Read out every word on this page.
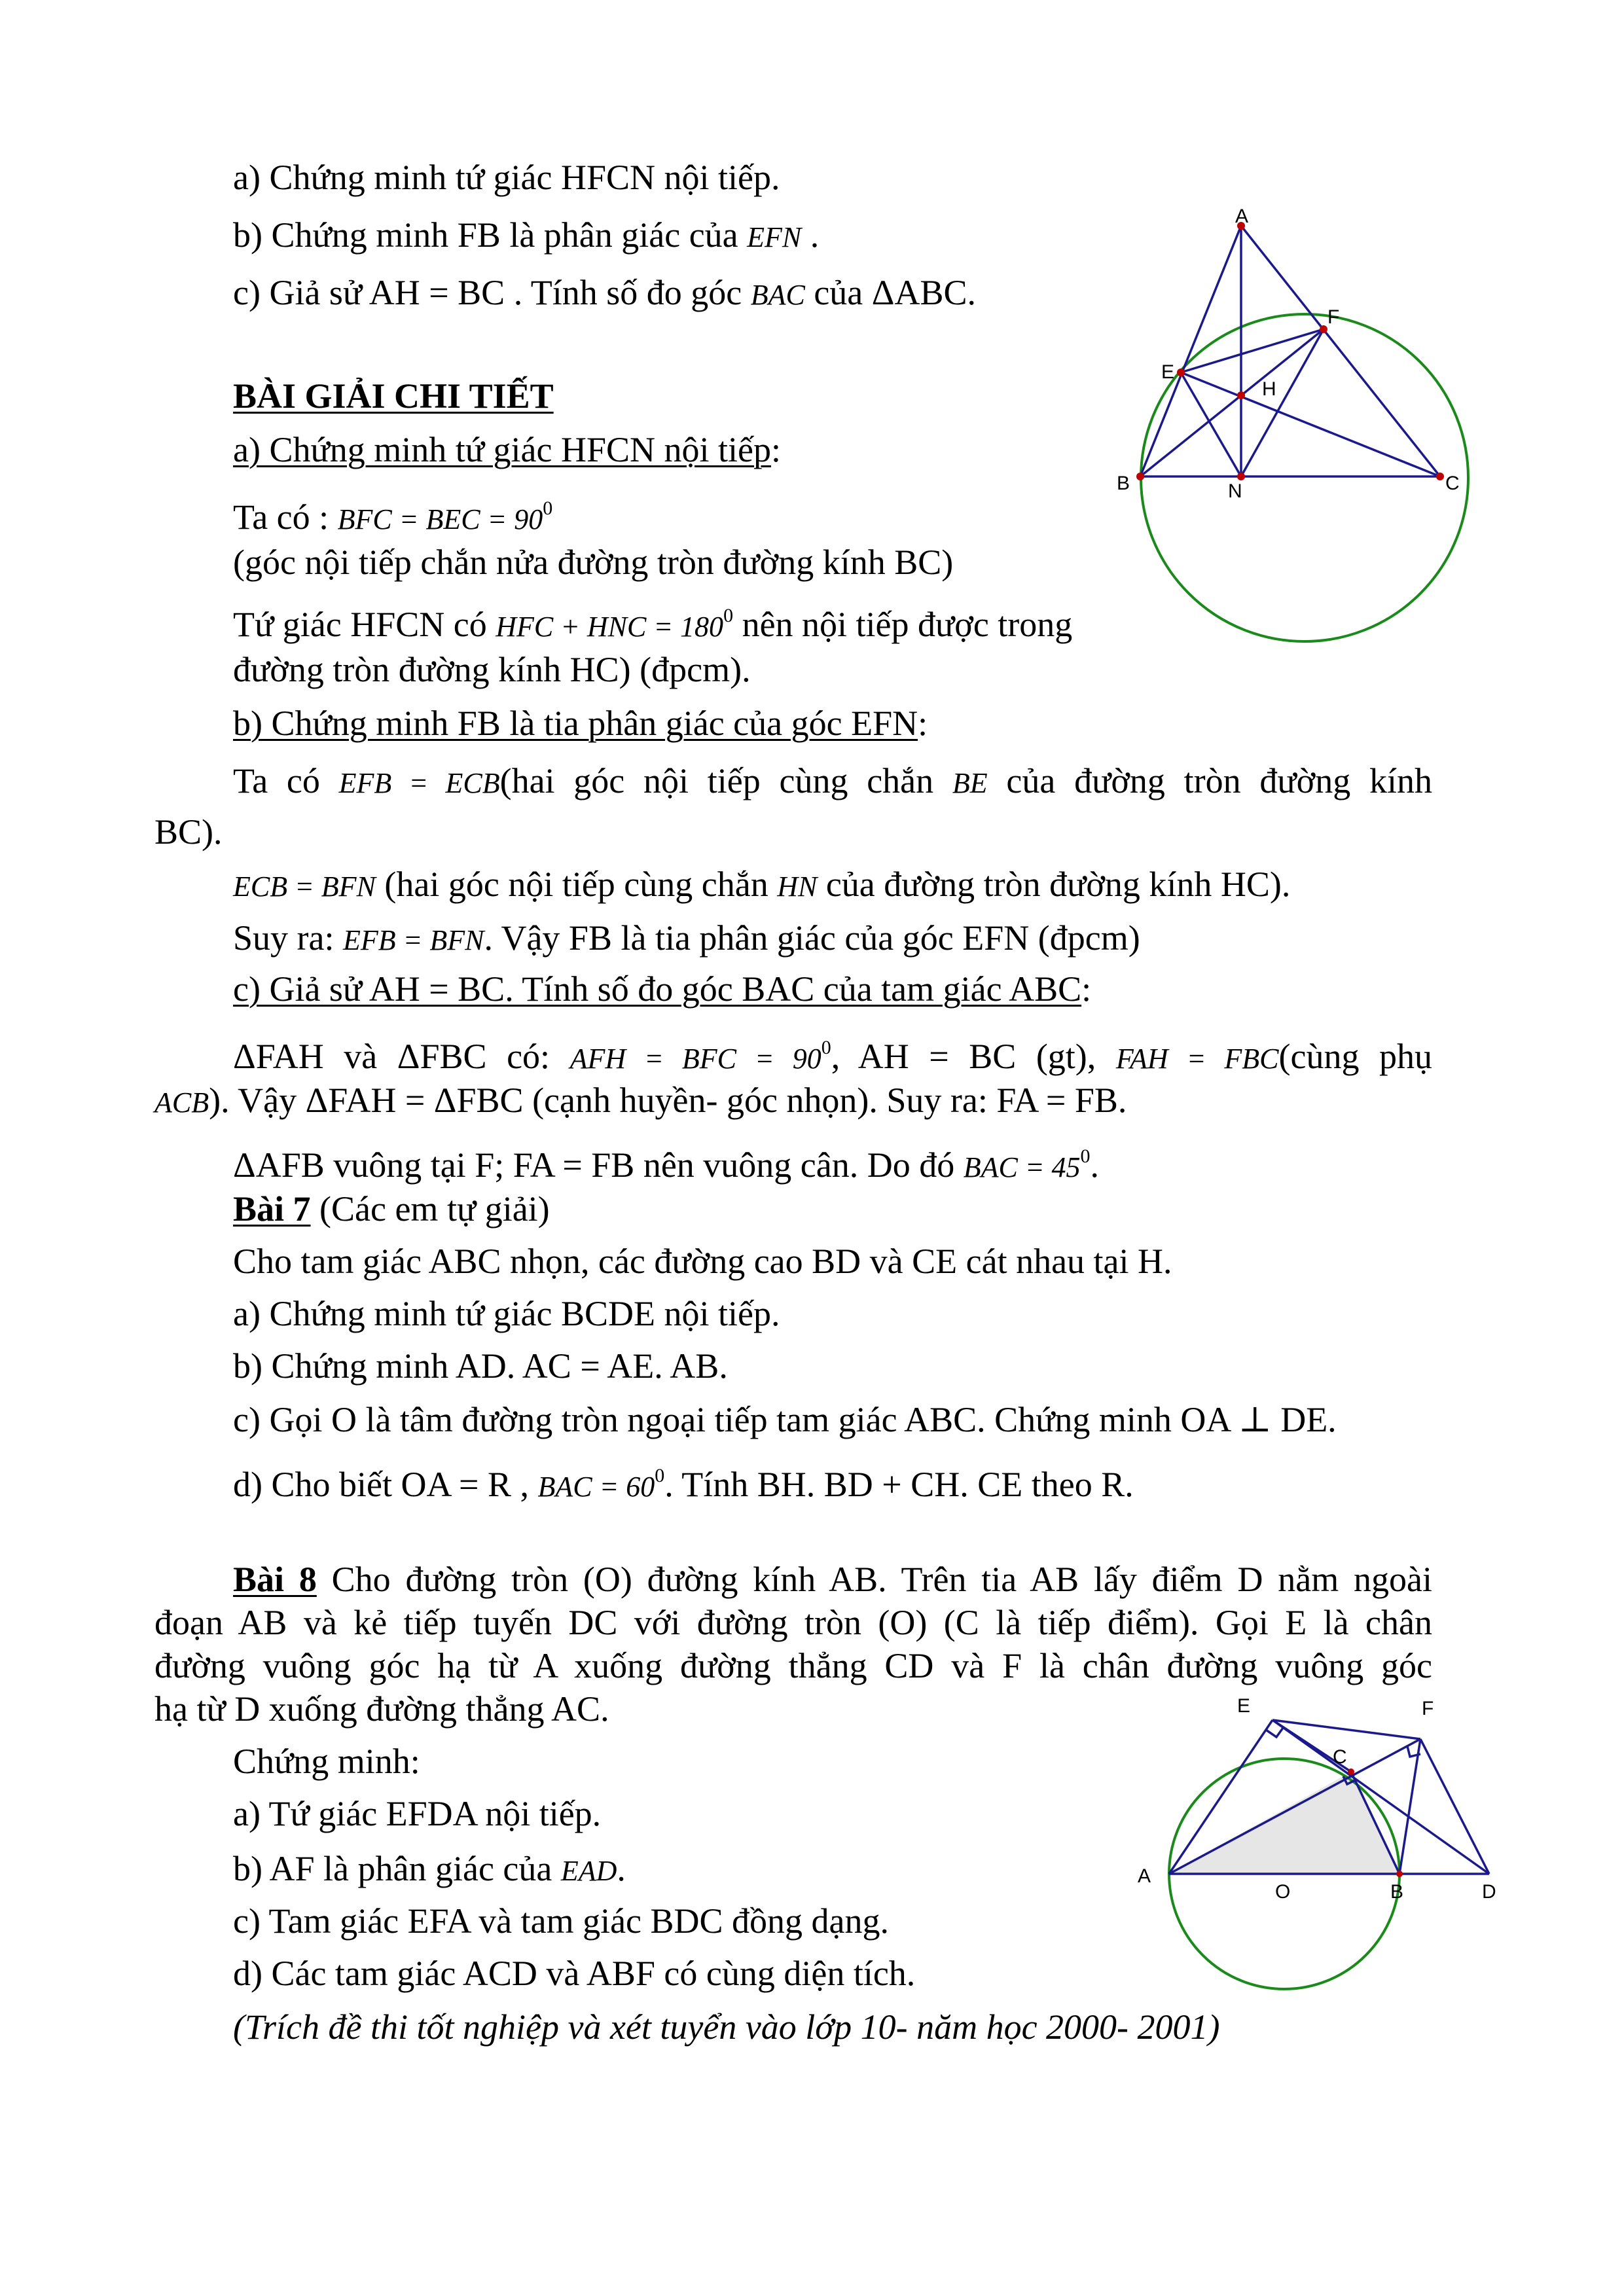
a) Chứng minh tứ giác HFCN nội tiếp.
b) Chứng minh FB là phân giác của EFN .
c) Giả sử AH = BC . Tính số đo góc BAC của ΔABC.
BÀI GIẢI CHI TIẾT
a) Chứng minh tứ giác HFCN nội tiếp:
Ta có : BFC = BEC = $90^0$
(góc nội tiếp chắn nửa đường tròn đường kính BC)
Tứ giác HFCN có HFC + HNC = $180^0$ nên nội tiếp được trong
đường tròn đường kính HC) (đpcm).
b) Chứng minh FB là tia phân giác của góc EFN:
Ta có EFB = ECB(hai góc nội tiếp cùng chắn BE của đường tròn đường kính
BC).
ECB = BFN (hai góc nội tiếp cùng chắn HN của đường tròn đường kính HC).
Suy ra: EFB = BFN. Vậy FB là tia phân giác của góc EFN (đpcm)
c) Giả sử AH = BC. Tính số đo góc BAC của tam giác ABC:
ΔFAH và ΔFBC có: AFH = BFC = $90^0$, AH = BC (gt), FAH = FBC(cùng phụ
ACB). Vậy ΔFAH = ΔFBC (cạnh huyền- góc nhọn). Suy ra: FA = FB.
ΔAFB vuông tại F; FA = FB nên vuông cân. Do đó BAC = $45^0$.
Bài 7 (Các em tự giải)
Cho tam giác ABC nhọn, các đường cao BD và CE cát nhau tại H.
a) Chứng minh tứ giác BCDE nội tiếp.
b) Chứng minh AD. AC = AE. AB.
c) Gọi O là tâm đường tròn ngoại tiếp tam giác ABC. Chứng minh OA ⊥ DE.
d) Cho biết OA = R , BAC = $60^0$. Tính BH. BD + CH. CE theo R.
Bài 8 Cho đường tròn (O) đường kính AB. Trên tia AB lấy điểm D nằm ngoài
đoạn AB và kẻ tiếp tuyến DC với đường tròn (O) (C là tiếp điểm). Gọi E là chân
đường vuông góc hạ từ A xuống đường thẳng CD và F là chân đường vuông góc
hạ từ D xuống đường thẳng AC.
Chứng minh:
a) Tứ giác EFDA nội tiếp.
b) AF là phân giác của EAD.
c) Tam giác EFA và tam giác BDC đồng dạng.
d) Các tam giác ACD và ABF có cùng diện tích.
(Trích đề thi tốt nghiệp và xét tuyển vào lớp 10- năm học 2000- 2001)
A
F
E
H
B	N	C
E	F
C
A
O	B	D
